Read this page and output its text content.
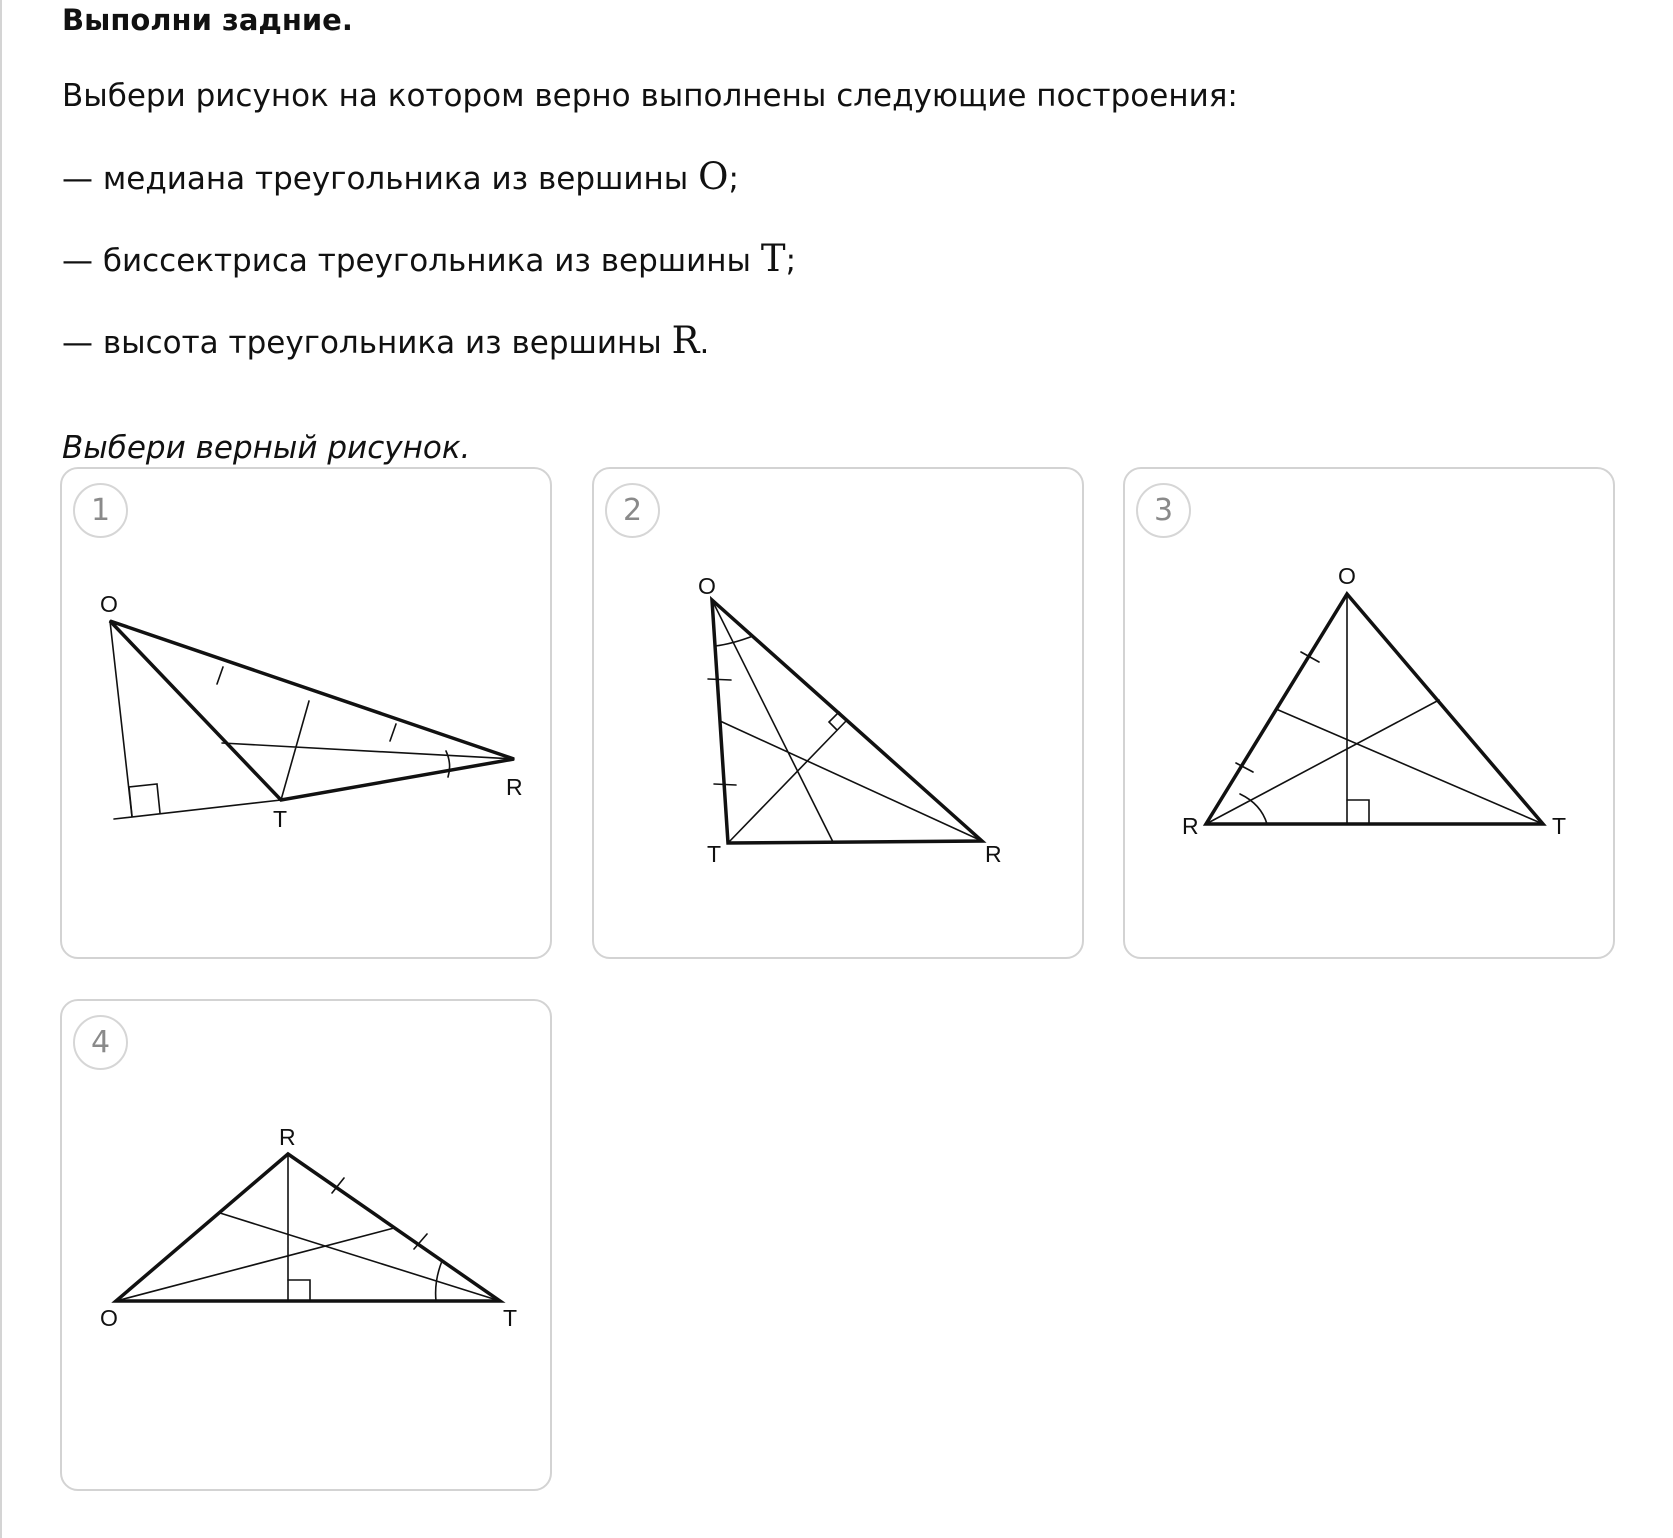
Выполни задние.
Выбери рисунок на котором верно выполнены следующие построения:
— медиана треугольника из вершины O;
— биссектриса треугольника из вершины T;
— высота треугольника из вершины R.
Выбери верный рисунок.
1
O
T
R
2
O
T	R
3
O
R	T
4
R
O	T
